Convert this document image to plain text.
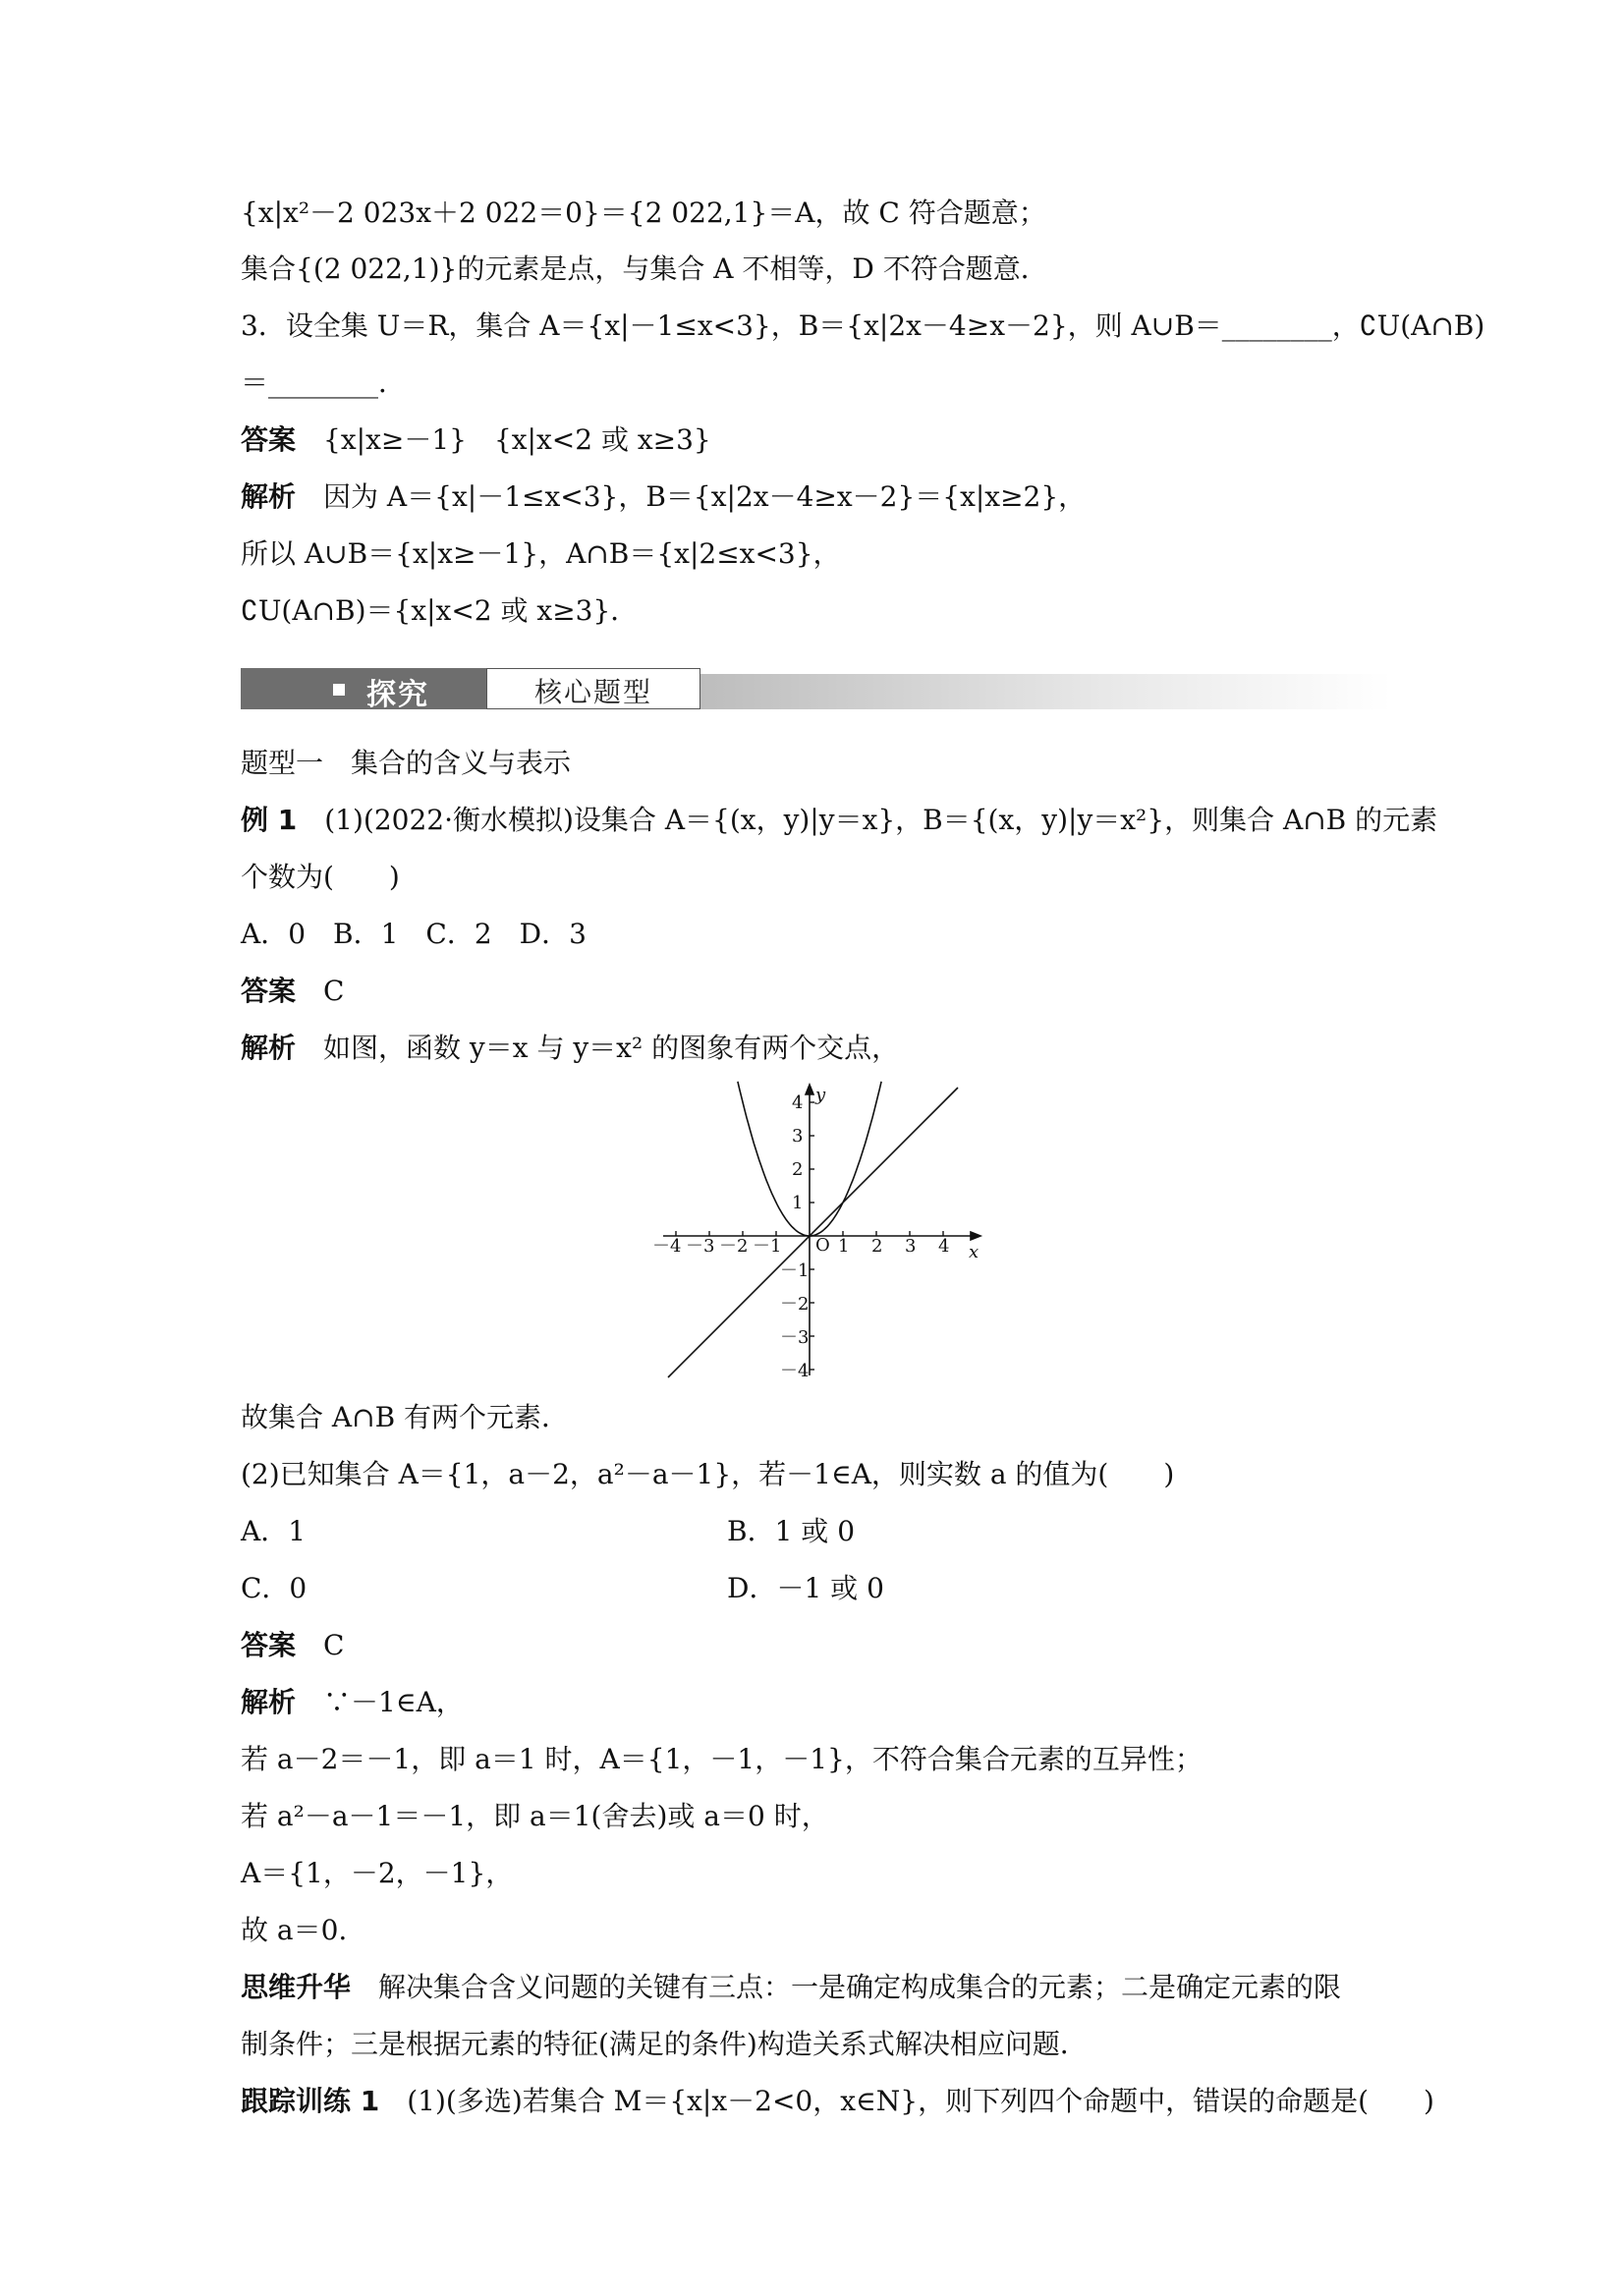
{x|x²－2 023x＋2 022＝0}＝{2 022,1}＝A，故 C 符合题意；
集合{(2 022,1)}的元素是点，与集合 A 不相等，D 不符合题意．
3．设全集 U＝R，集合 A＝{x|－1≤x<3}，B＝{x|2x－4≥x－2}，则 A∪B＝________，∁U(A∩B)
＝________．
答案　 {x|x≥－1}　{x|x<2 或 x≥3}
解析　 因为 A＝{x|－1≤x<3}，B＝{x|2x－4≥x－2}＝{x|x≥2}，
所以 A∪B＝{x|x≥－1}，A∩B＝{x|2≤x<3}，
∁U(A∩B)＝{x|x<2 或 x≥3}．
探究	核心题型
题型一　集合的含义与表示
例 1　 (1)(2022·衡水模拟)设集合 A＝{(x，y)|y＝x}，B＝{(x，y)|y＝x²}，则集合 A∩B 的元素
个数为(　　)
A．0　B．1　C．2　D．3
答案　 C
解析　 如图，函数 y＝x 与 y＝x² 的图象有两个交点，
O	x
y
－4 －3 －2 －1	1 2 3 4
1
2
3
4
－1
－2
－3
－4
故集合 A∩B 有两个元素．
(2)已知集合 A＝{1，a－2，a²－a－1}，若－1∈A，则实数 a 的值为(　　)
A．1	B．1 或 0
C．0	D．－1 或 0
答案　 C
解析　 ∵－1∈A，
若 a－2＝－1，即 a＝1 时，A＝{1，－1，－1}，不符合集合元素的互异性；
若 a²－a－1＝－1，即 a＝1(舍去)或 a＝0 时，
A＝{1，－2，－1}，
故 a＝0.
思维升华　 解决集合含义问题的关键有三点：一是确定构成集合的元素；二是确定元素的限
制条件；三是根据元素的特征(满足的条件)构造关系式解决相应问题．
跟踪训练 1　 (1)(多选)若集合 M＝{x|x－2<0，x∈N}，则下列四个命题中，错误的命题是(　　)
